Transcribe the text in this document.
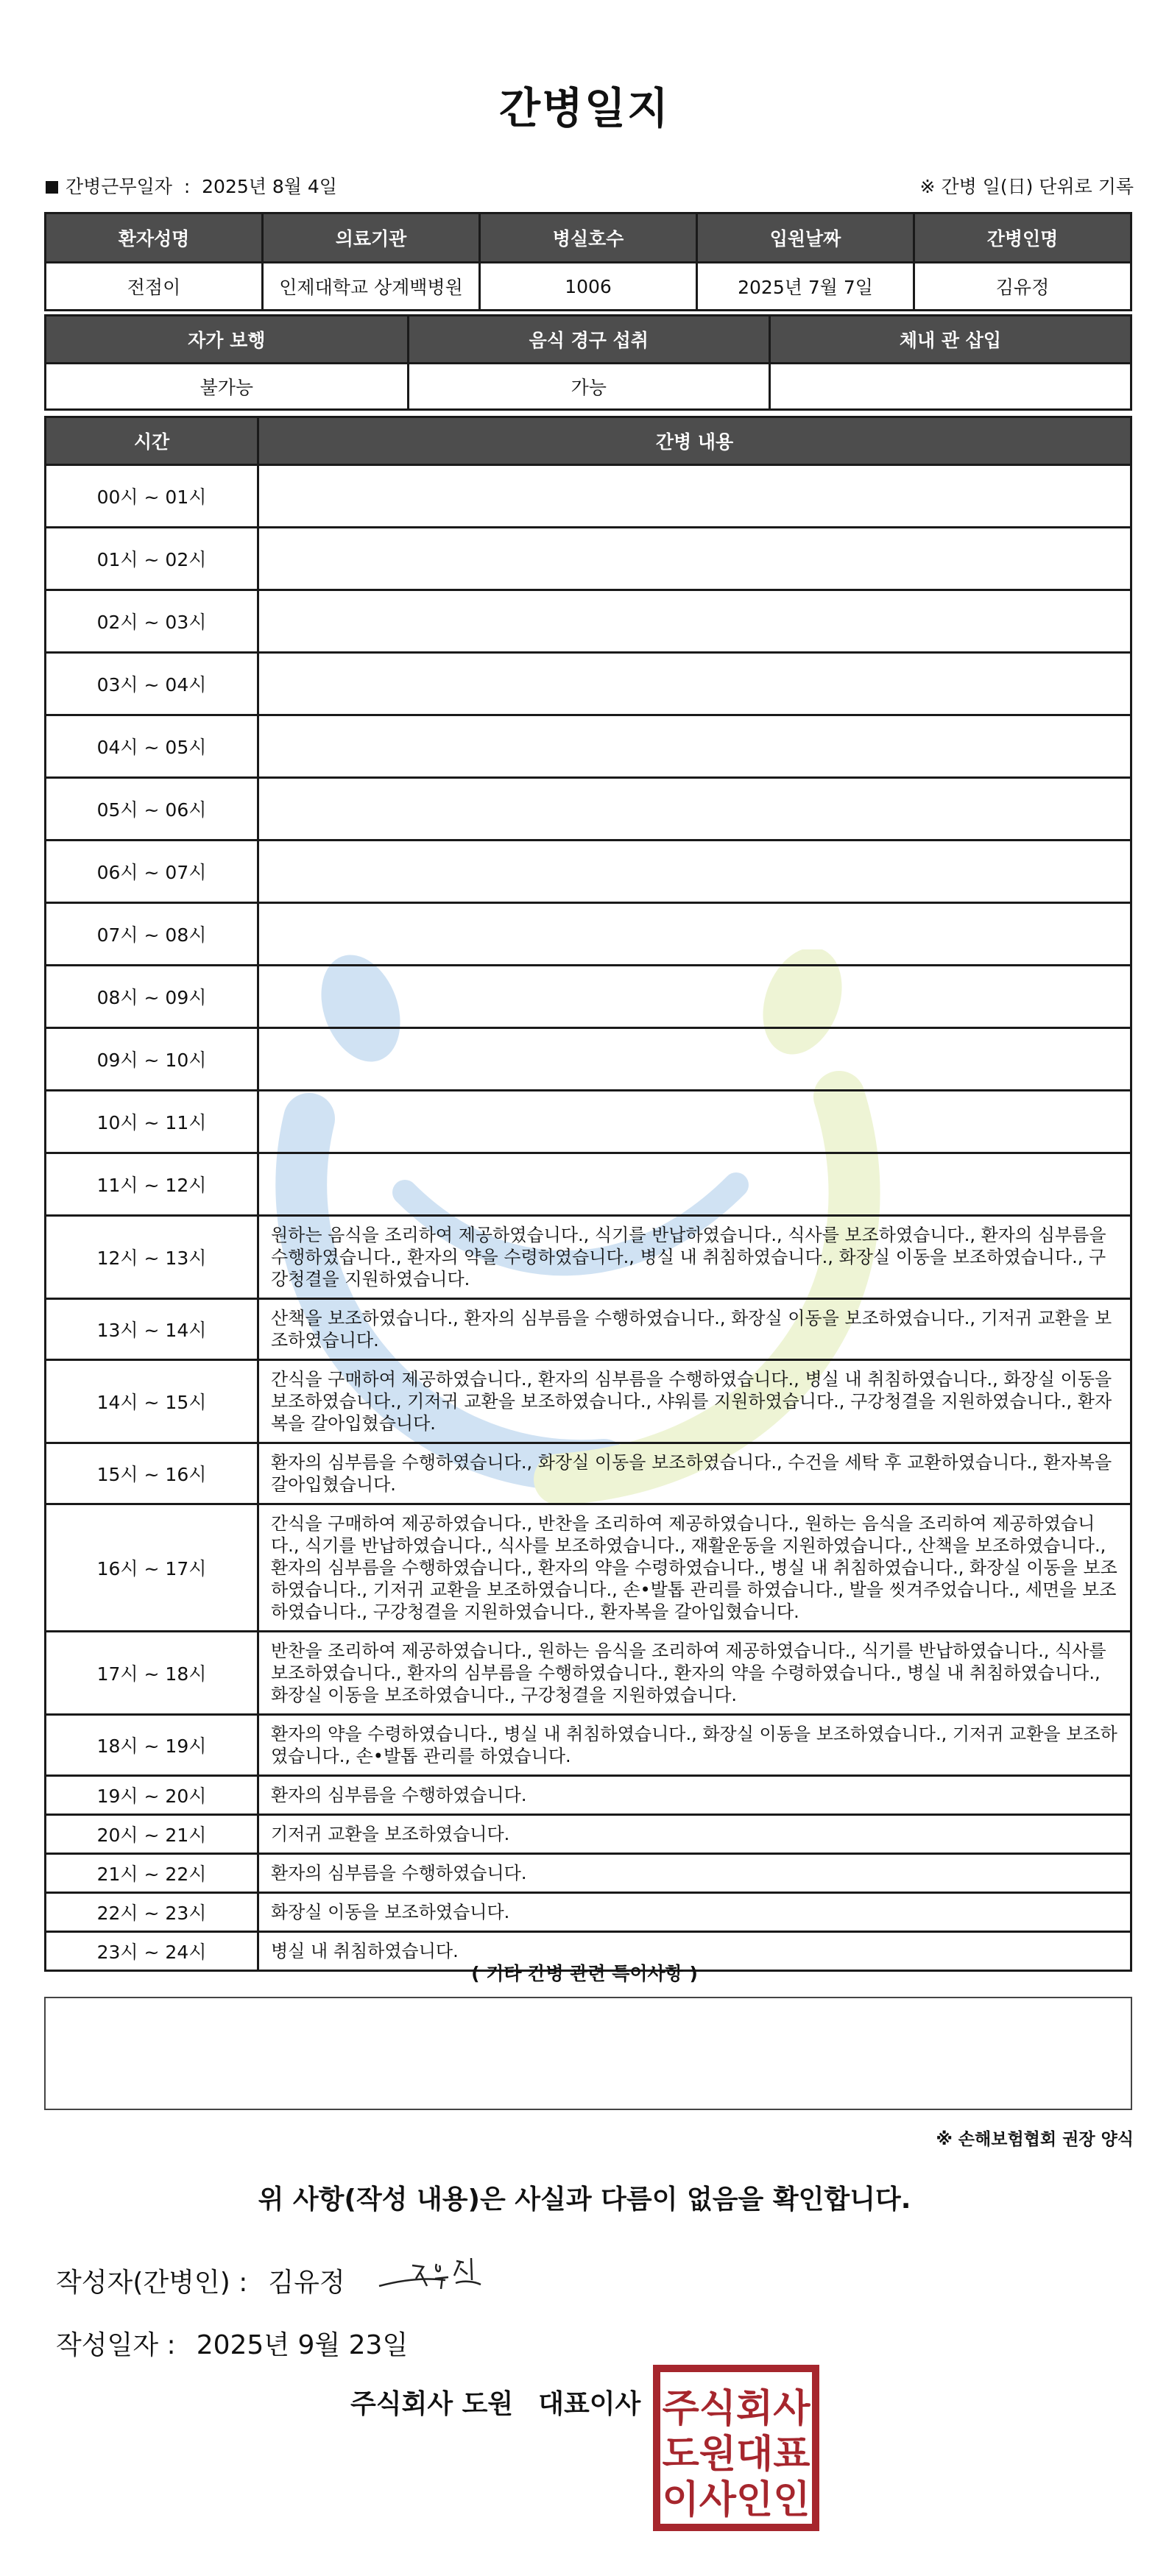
간병일지
간병근무일자 : 2025년 8월 4일	※ 간병 일(日) 단위로 기록
환자성명	의료기관	병실호수	입원날짜	간병인명
전점이	인제대학교 상계백병원	1006	2025년 7월 7일	김유정
자가 보행	음식 경구 섭취	체내 관 삽입
불가능	가능	
시간	간병 내용
00시 ~ 01시	
01시 ~ 02시	
02시 ~ 03시	
03시 ~ 04시	
04시 ~ 05시	
05시 ~ 06시	
06시 ~ 07시	
07시 ~ 08시	
08시 ~ 09시	
09시 ~ 10시	
10시 ~ 11시	
11시 ~ 12시	
12시 ~ 13시	원하는 음식을 조리하여 제공하였습니다., 식기를 반납하였습니다., 식사를 보조하였습니다., 환자의 심부름을 수행하였습니다., 환자의 약을 수령하였습니다., 병실 내 취침하였습니다., 화장실 이동을 보조하였습니다., 구강청결을 지원하였습니다.
13시 ~ 14시	산책을 보조하였습니다., 환자의 심부름을 수행하였습니다., 화장실 이동을 보조하였습니다., 기저귀 교환을 보조하였습니다.
14시 ~ 15시	간식을 구매하여 제공하였습니다., 환자의 심부름을 수행하였습니다., 병실 내 취침하였습니다., 화장실 이동을 보조하였습니다., 기저귀 교환을 보조하였습니다., 샤워를 지원하였습니다., 구강청결을 지원하였습니다., 환자복을 갈아입혔습니다.
15시 ~ 16시	환자의 심부름을 수행하였습니다., 화장실 이동을 보조하였습니다., 수건을 세탁 후 교환하였습니다., 환자복을 갈아입혔습니다.
16시 ~ 17시	간식을 구매하여 제공하였습니다., 반찬을 조리하여 제공하였습니다., 원하는 음식을 조리하여 제공하였습니다., 식기를 반납하였습니다., 식사를 보조하였습니다., 재활운동을 지원하였습니다., 산책을 보조하였습니다., 환자의 심부름을 수행하였습니다., 환자의 약을 수령하였습니다., 병실 내 취침하였습니다., 화장실 이동을 보조하였습니다., 기저귀 교환을 보조하였습니다., 손•발톱 관리를 하였습니다., 발을 씻겨주었습니다., 세면을 보조하였습니다., 구강청결을 지원하였습니다., 환자복을 갈아입혔습니다.
17시 ~ 18시	반찬을 조리하여 제공하였습니다., 원하는 음식을 조리하여 제공하였습니다., 식기를 반납하였습니다., 식사를 보조하였습니다., 환자의 심부름을 수행하였습니다., 환자의 약을 수령하였습니다., 병실 내 취침하였습니다., 화장실 이동을 보조하였습니다., 구강청결을 지원하였습니다.
18시 ~ 19시	환자의 약을 수령하였습니다., 병실 내 취침하였습니다., 화장실 이동을 보조하였습니다., 기저귀 교환을 보조하였습니다., 손•발톱 관리를 하였습니다.
19시 ~ 20시	환자의 심부름을 수행하였습니다.
20시 ~ 21시	기저귀 교환을 보조하였습니다.
21시 ~ 22시	환자의 심부름을 수행하였습니다.
22시 ~ 23시	화장실 이동을 보조하였습니다.
23시 ~ 24시	병실 내 취침하였습니다.
( 기타 간병 관련 특이사항 )
※ 손해보험협회 권장 양식
위 사항(작성 내용)은 사실과 다름이 없음을 확인합니다.
작성자(간병인) : 김유정
작성일자 : 2025년 9월 23일
주식회사 도원 대표이사 주식회사
도원대표
이사인인
